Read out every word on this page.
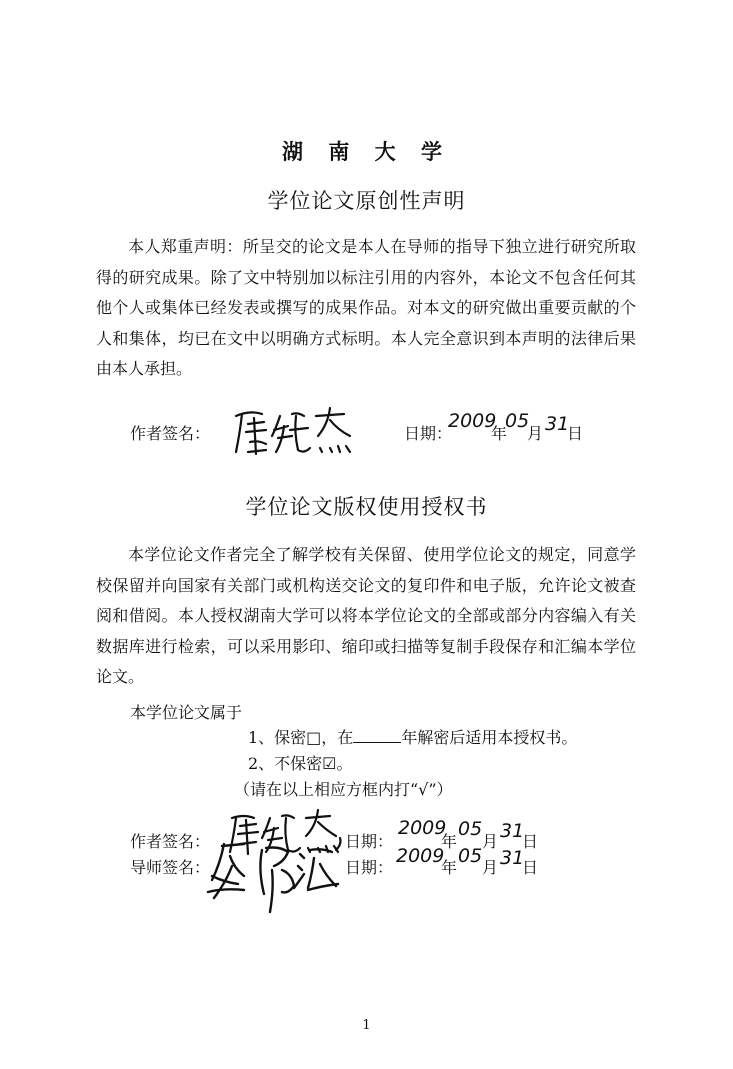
湖 南 大 学
学位论文原创性声明

本人郑重声明：所呈交的论文是本人在导师的指导下独立进行研究所取得的研究成果。除了文中特别加以标注引用的内容外，本论文不包含任何其他个人或集体已经发表或撰写的成果作品。对本文的研究做出重要贡献的个人和集体，均已在文中以明确方式标明。本人完全意识到本声明的法律后果由本人承担。

作者签名：	日期：
2009
年
05
月 31
日
学位论文版权使用授权书

本学位论文作者完全了解学校有关保留、使用学位论文的规定，同意学校保留并向国家有关部门或机构送交论文的复印件和电子版，允许论文被查阅和借阅。本人授权湖南大学可以将本学位论文的全部或部分内容编入有关数据库进行检索，可以采用影印、缩印或扫描等复制手段保存和汇编本学位论文。

本学位论文属于
1、保密□，在	年解密后适用本授权书。
2、不保密☑。
（请在以上相应方框内打“√”）
作者签名：	日期：
2009
年
05
月 31
日
导师签名：	日期：
2009
年
05
月 31
日
1
